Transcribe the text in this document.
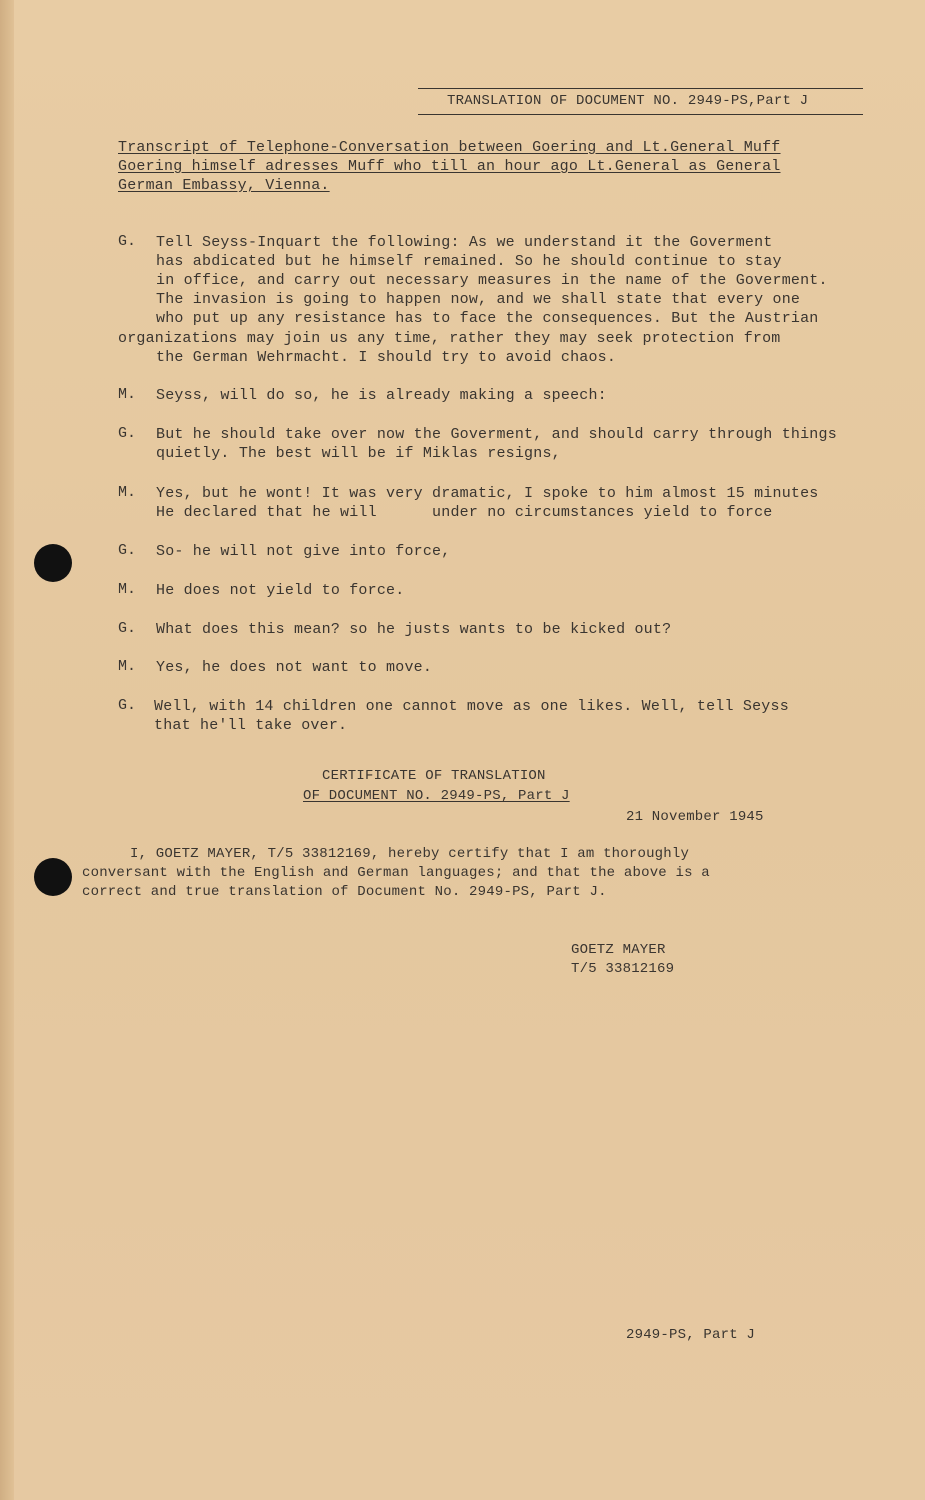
TRANSLATION OF DOCUMENT NO. 2949-PS,Part J
Transcript of Telephone-Conversation between Goering and Lt.General Muff
Goering himself adresses Muff who till an hour ago Lt.General as General
German Embassy, Vienna.
G. Tell Seyss-Inquart the following: As we understand it the Goverment
has abdicated but he himself remained. So he should continue to stay
in office, and carry out necessary measures in the name of the Goverment.
The invasion is going to happen now, and we shall state that every one
who put up any resistance has to face the consequences. But the Austrian
organizations may join us any time, rather they may seek protection from
the German Wehrmacht. I should try to avoid chaos.
M. Seyss, will do so, he is already making a speech:
G. But he should take over now the Goverment, and should carry through things
quietly. The best will be if Miklas resigns,
M. Yes, but he wont! It was very dramatic, I spoke to him almost 15 minutes
He declared that he will      under no circumstances yield to force
G. So- he will not give into force,
M. He does not yield to force.
G. What does this mean? so he justs wants to be kicked out?
M. Yes, he does not want to move.
G. Well, with 14 children one cannot move as one likes. Well, tell Seyss
that he'll take over.
CERTIFICATE OF TRANSLATION
OF DOCUMENT NO. 2949-PS, Part J
21 November 1945
I, GOETZ MAYER, T/5 33812169, hereby certify that I am thoroughly
conversant with the English and German languages; and that the above is a
correct and true translation of Document No. 2949-PS, Part J.
GOETZ MAYER
T/5 33812169
2949-PS, Part J
